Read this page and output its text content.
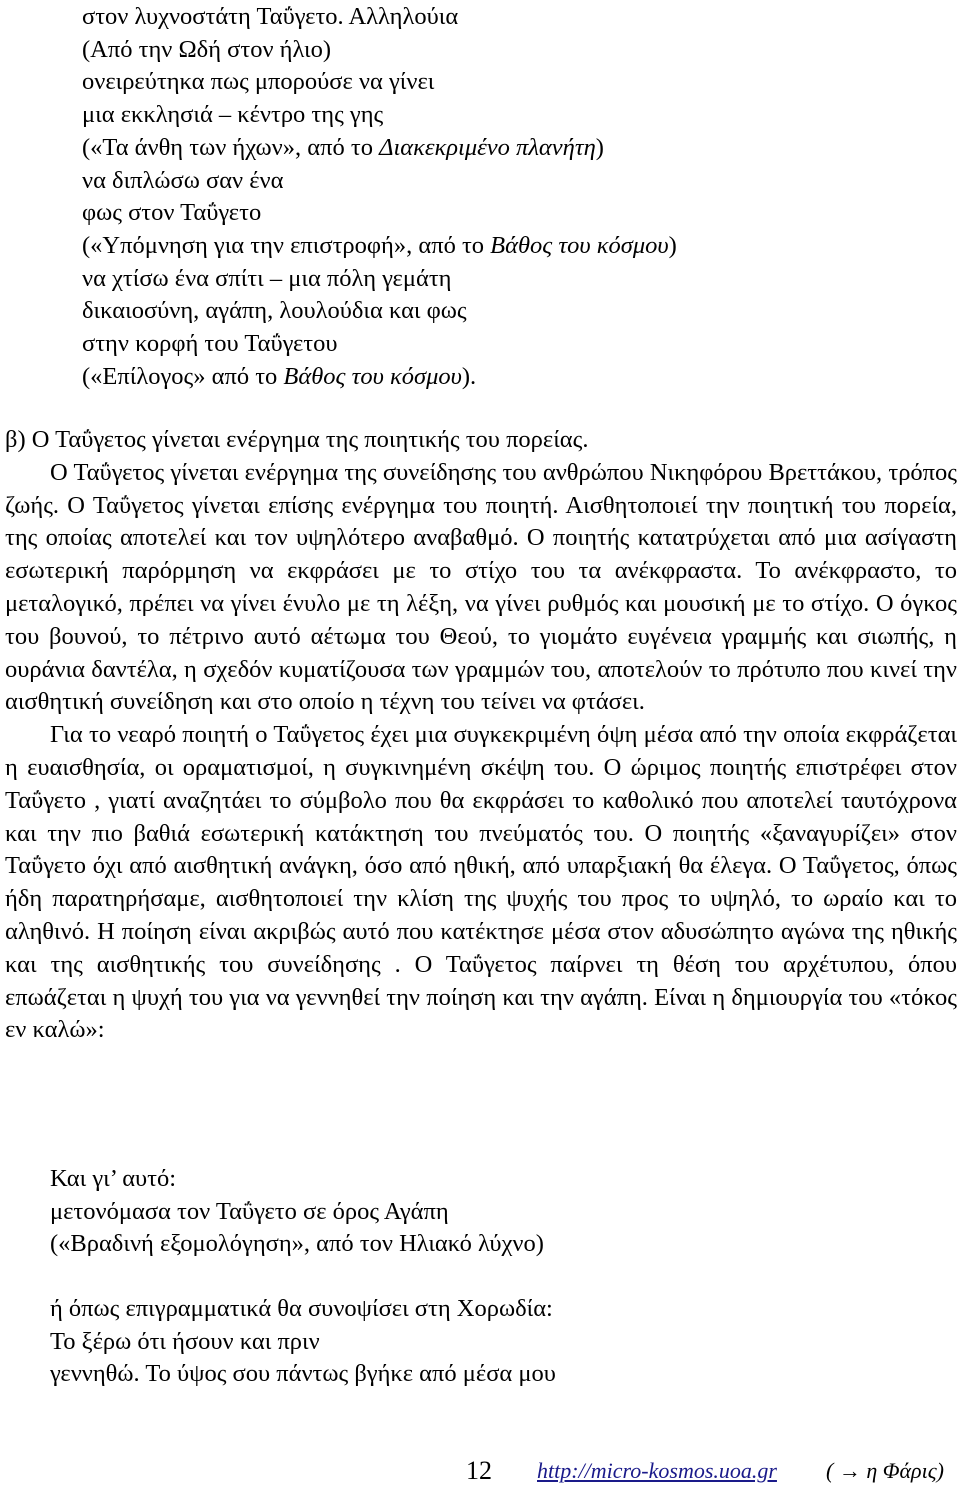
στον λυχνοστάτη Ταΰγετο. Αλληλούια
(Από την Ωδή στον ήλιο)
ονειρεύτηκα πως μπορούσε να γίνει
μια εκκλησιά – κέντρο της γης
(«Τα άνθη των ήχων», από το Διακεκριμένο πλανήτη)
να διπλώσω σαν ένα
φως στον Ταΰγετο
(«Υπόμνηση για την επιστροφή», από το Βάθος του κόσμου)
να χτίσω ένα σπίτι – μια πόλη γεμάτη
δικαιοσύνη, αγάπη, λουλούδια και φως
στην κορφή του Ταΰγετου
(«Επίλογος» από το Βάθος του κόσμου).

β) Ο Ταΰγετος γίνεται ενέργημα της ποιητικής του πορείας.

Ο Ταΰγετος γίνεται ενέργημα της συνείδησης του ανθρώπου Νικηφόρου Βρεττάκου, τρόπος ζωής. Ο Ταΰγετος γίνεται επίσης ενέργημα του ποιητή. Αισθητοποιεί την ποιητική του πορεία, της οποίας αποτελεί και τον υψηλότερο αναβαθμό. Ο ποιητής κατατρύχεται από μια ασίγαστη εσωτερική παρόρμηση να εκφράσει με το στίχο του τα ανέκφραστα. Το ανέκφραστο, το μεταλογικό, πρέπει να γίνει ένυλο με τη λέξη, να γίνει ρυθμός και μουσική με το στίχο. Ο όγκος του βουνού, το πέτρινο αυτό αέτωμα του Θεού, το γιομάτο ευγένεια γραμμής και σιωπής, η ουράνια δαντέλα, η σχεδόν κυματίζουσα των γραμμών του, αποτελούν το πρότυπο που κινεί την αισθητική συνείδηση και στο οποίο η τέχνη του τείνει να φτάσει.

Για το νεαρό ποιητή ο Ταΰγετος έχει μια συγκεκριμένη όψη μέσα από την οποία εκφράζεται η ευαισθησία, οι οραματισμοί, η συγκινημένη σκέψη του. Ο ώριμος ποιητής επιστρέφει στον Ταΰγετο , γιατί αναζητάει το σύμβολο που θα εκφράσει το καθολικό που αποτελεί ταυτόχρονα και την πιο βαθιά εσωτερική κατάκτηση του πνεύματός του. Ο ποιητής «ξαναγυρίζει» στον Ταΰγετο όχι από αισθητική ανάγκη, όσο από ηθική, από υπαρξιακή θα έλεγα. Ο Ταΰγετος, όπως ήδη παρατηρήσαμε, αισθητοποιεί την κλίση της ψυχής του προς το υψηλό, το ωραίο και το αληθινό. Η ποίηση είναι ακριβώς αυτό που κατέκτησε μέσα στον αδυσώπητο αγώνα της ηθικής και της αισθητικής του συνείδησης . Ο Ταΰγετος παίρνει τη θέση του αρχέτυπου, όπου επωάζεται η ψυχή του για να γεννηθεί την ποίηση και την αγάπη. Είναι η δημιουργία του «τόκος εν καλώ»:

Και γι’ αυτό:
μετονόμασα τον Ταΰγετο σε όρος Αγάπη
(«Βραδινή εξομολόγηση», από τον Ηλιακό λύχνο)
ή όπως επιγραμματικά θα συνοψίσει στη Χορωδία:
Το ξέρω ότι ήσουν και πριν
γεννηθώ. Το ύψος σου πάντως βγήκε από μέσα μου
12 http://micro-kosmos.uoa.gr ( → η Φάρις)
